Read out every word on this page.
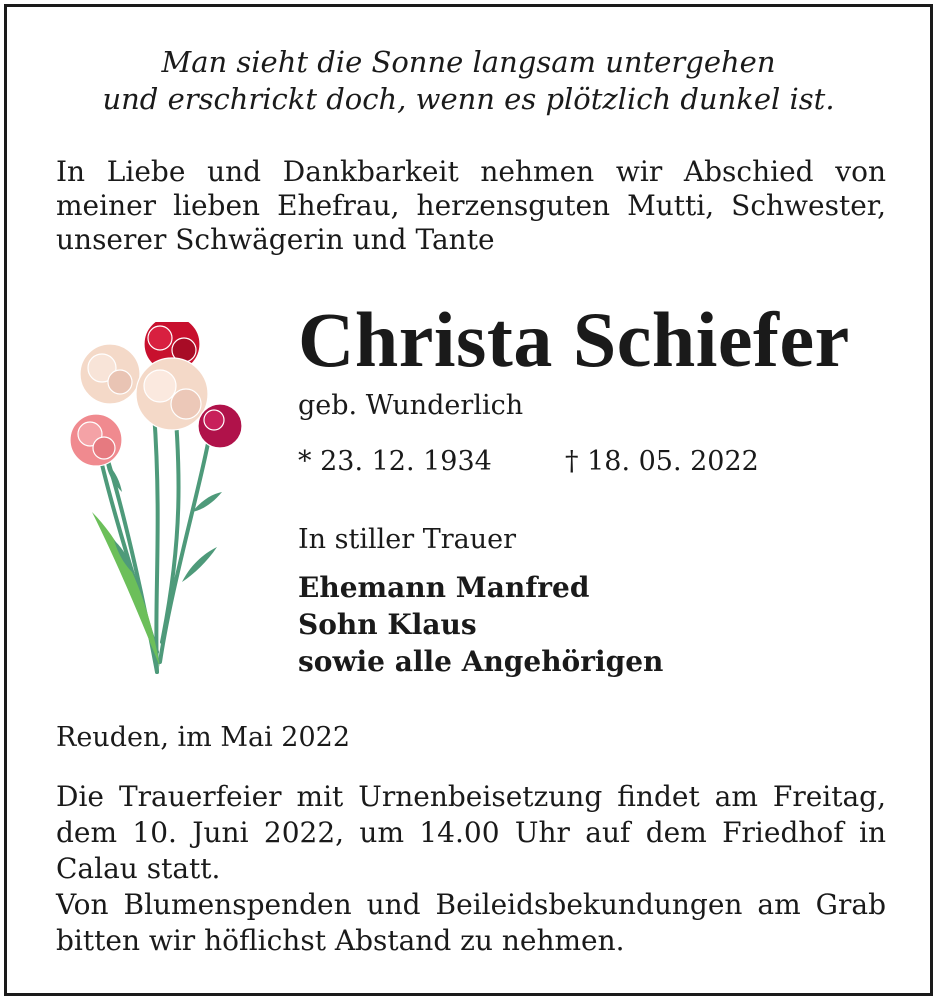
Man sieht die Sonne langsam untergehen

und erschrickt doch, wenn es plötzlich dunkel ist.

In Liebe und Dankbarkeit nehmen wir Abschied von meiner lieben Ehefrau, herzensguten Mutti, Schwester, unserer Schwägerin und Tante

Christa Schiefer

geb. Wunderlich

* 23. 12. 1934	† 18. 05. 2022

In stiller Trauer

Ehemann Manfred

Sohn Klaus

sowie alle Angehörigen

Reuden, im Mai 2022

Die Trauerfeier mit Urnenbeisetzung findet am Freitag, dem 10. Juni 2022, um 14.00 Uhr auf dem Friedhof in Calau statt.

Von Blumenspenden und Beileidsbekundungen am Grab bitten wir höflichst Abstand zu nehmen.
